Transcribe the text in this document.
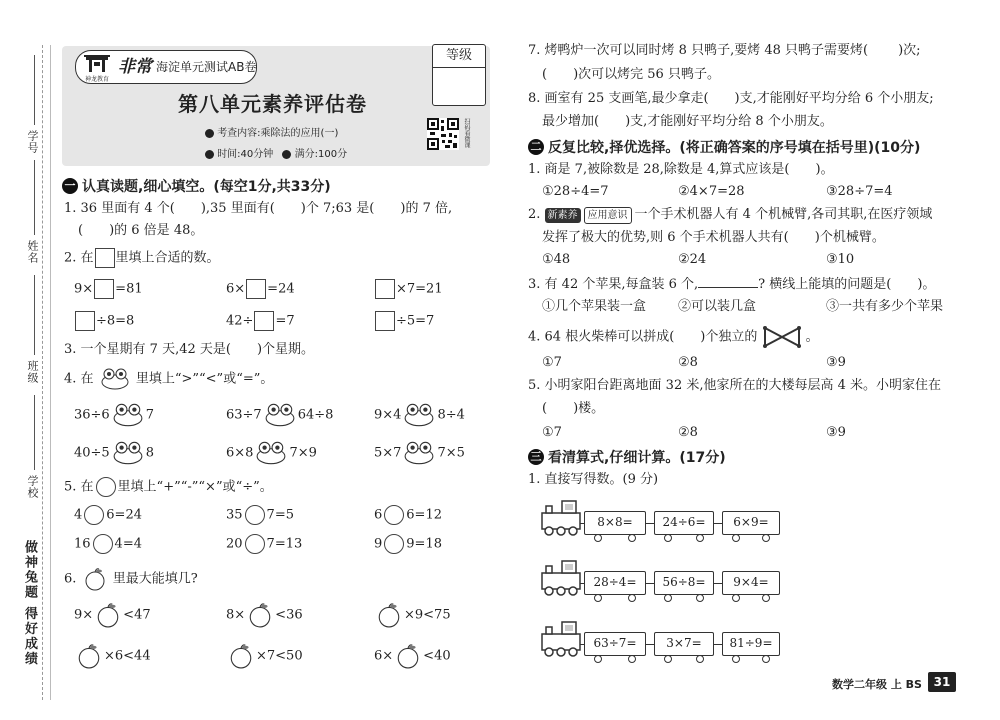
学号
姓名
班级
学校
做神兔题 得好成绩
神龙教育
非常 海淀单元测试AB卷
第八单元素养评估卷
考查内容:乘除法的应用(一)
时间:40分钟 满分:100分
等级
扫码看微课
一 认真读题,细心填空。(每空1分,共33分)
1. 36 里面有 4 个( ),35 里面有( )个 7;63 是( )的 7 倍,
( )的 6 倍是 48。
2. 在 里填上合适的数。
9× =81	6× =24	×7=21
÷8=8	42÷ =7	÷5=7
3. 一个星期有 7 天,42 天是( )个星期。
4. 在	里填上“>”“<”或“=”。
36÷6	7	63÷7	64÷8	9×4	8÷4
40÷5	8	6×8	7×9	5×7	7×5
5. 在 里填上“+”“-”“×”或“÷”。
4 6=24	35 7=5	6 6=12
16 4=4	20 7=13	9 9=18
6.	里最大能填几?
9× <47	8× <36	×9<75
×6<44	×7<50	6× <40
7. 烤鸭炉一次可以同时烤 8 只鸭子,要烤 48 只鸭子需要烤( )次;
( )次可以烤完 56 只鸭子。
8. 画室有 25 支画笔,最少拿走( )支,才能刚好平均分给 6 个小朋友;
最少增加( )支,才能刚好平均分给 8 个小朋友。
二 反复比较,择优选择。(将正确答案的序号填在括号里)(10分)
1. 商是 7,被除数是 28,除数是 4,算式应该是( )。
①28÷4=7	②4×7=28	③28÷7=4
2. 新素养 应用意识 一个手术机器人有 4 个机械臂,各司其职,在医疗领域
发挥了极大的优势,则 6 个手术机器人共有( )个机械臂。
①48	②24	③10
3. 有 42 个苹果,每盒装 6 个,	? 横线上能填的问题是( )。
①几个苹果装一盒 ②可以装几盒	③一共有多少个苹果
4. 64 根火柴棒可以拼成( )个独立的	。
①7	②8	③9
5. 小明家阳台距离地面 32 米,他家所在的大楼每层高 4 米。小明家住在
( )楼。
①7	②8	③9
三 看清算式,仔细计算。(17分)
1. 直接写得数。(9 分)
8×8=	24÷6=	6×9=
28÷4=	56÷8=	9×4=
63÷7=	3×7=	81÷9=
数学二年级 上 BS 31
